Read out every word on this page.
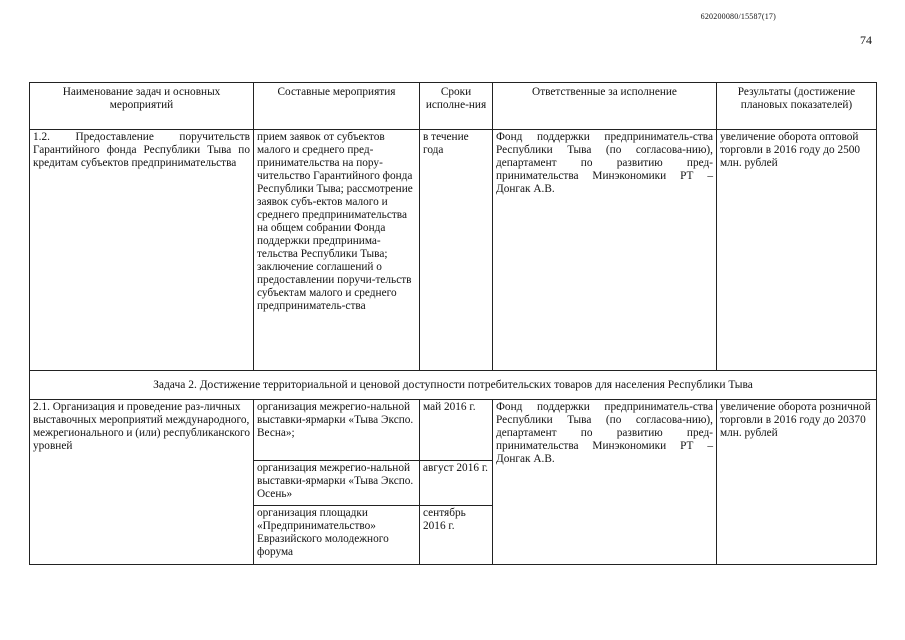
620200080/15587(17)
74
Наименование задач и основных мероприятий	Составные мероприятия	Сроки исполне-ния	Ответственные за исполнение	Результаты (достижение плановых показателей)
1.2. Предоставление поручительств Гарантийного фонда Республики Тыва по кредитам субъектов предпринимательства	прием заявок от субъектов малого и среднего пред-принимательства на пору-чительство Гарантийного фонда Республики Тыва; рассмотрение заявок субъ-ектов малого и среднего предпринимательства на общем собрании Фонда поддержки предпринима-тельства Республики Тыва; заключение соглашений о предоставлении поручи-тельств субъектам малого и среднего предприниматель-ства	в течение года	Фонд поддержки предприниматель-ства Республики Тыва (по согласова-нию), департамент по развитию пред-принимательства Минэкономики РТ – Донгак А.В.	увеличение оборота оптовой торговли в 2016 году до 2500 млн. рублей
Задача 2. Достижение территориальной и ценовой доступности потребительских товаров для населения Республики Тыва				
2.1. Организация и проведение раз-личных выставочных мероприятий международного, межрегионального и (или) республиканского уровней	организация межрегио-нальной выставки-ярмарки «Тыва Экспо. Весна»;	май 2016 г.	Фонд поддержки предприниматель-ства Республики Тыва (по согласова-нию), департамент по развитию пред-принимательства Минэкономики РТ – Донгак А.В.	увеличение оборота розничной торговли в 2016 году до 20370 млн. рублей
	организация межрегио-нальной выставки-ярмарки «Тыва Экспо. Осень»	август 2016 г.		
	организация площадки «Предпринимательство» Евразийского молодежного форума	сентябрь 2016 г.		
